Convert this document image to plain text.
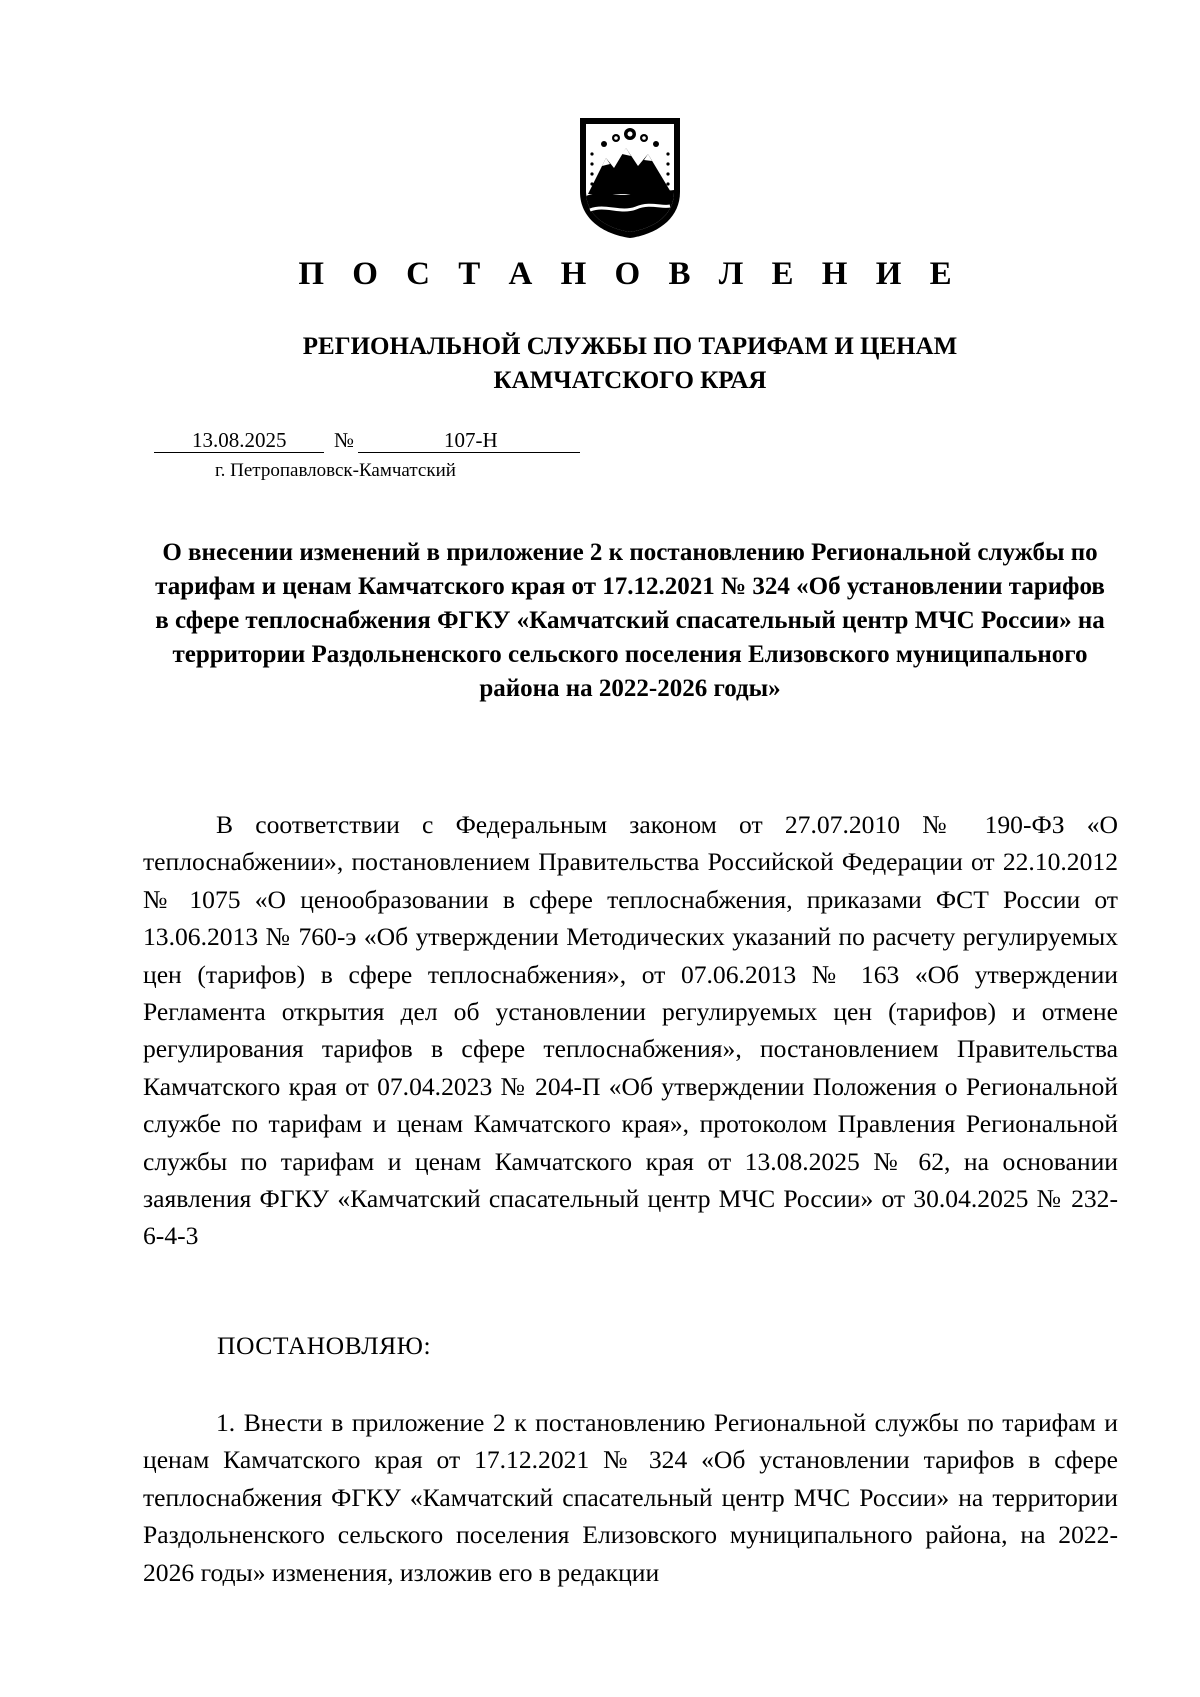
П О С Т А Н О В Л Е Н И Е
РЕГИОНАЛЬНОЙ СЛУЖБЫ ПО ТАРИФАМ И ЦЕНАМ
КАМЧАТСКОГО КРАЯ
13.08.2025 №	107-Н
г. Петропавловск-Камчатский
О внесении изменений в приложение 2 к постановлению Региональной службы по тарифам и ценам Камчатского края от 17.12.2021 № 324 «Об установлении тарифов в сфере теплоснабжения ФГКУ «Камчатский спасательный центр МЧС России» на территории Раздольненского сельского поселения Елизовского муниципального района на 2022-2026 годы»

В соответствии с Федеральным законом от 27.07.2010 № 190-ФЗ «О теплоснабжении», постановлением Правительства Российской Федерации от 22.10.2012 № 1075 «О ценообразовании в сфере теплоснабжения, приказами ФСТ России от 13.06.2013 № 760-э «Об утверждении Методических указаний по расчету регулируемых цен (тарифов) в сфере теплоснабжения», от 07.06.2013 № 163 «Об утверждении Регламента открытия дел об установлении регулируемых цен (тарифов) и отмене регулирования тарифов в сфере теплоснабжения», постановлением Правительства Камчатского края от 07.04.2023 № 204-П «Об утверждении Положения о Региональной службе по тарифам и ценам Камчатского края», протоколом Правления Региональной службы по тарифам и ценам Камчатского края от 13.08.2025 № 62, на основании заявления ФГКУ «Камчатский спасательный центр МЧС России» от 30.04.2025 № 232-6-4-3

ПОСТАНОВЛЯЮ:

1. Внести в приложение 2 к постановлению Региональной службы по тарифам и ценам Камчатского края от 17.12.2021 № 324 «Об установлении тарифов в сфере теплоснабжения ФГКУ «Камчатский спасательный центр МЧС России» на территории Раздольненского сельского поселения Елизовского муниципального района, на 2022-2026 годы» изменения, изложив его в редакции
